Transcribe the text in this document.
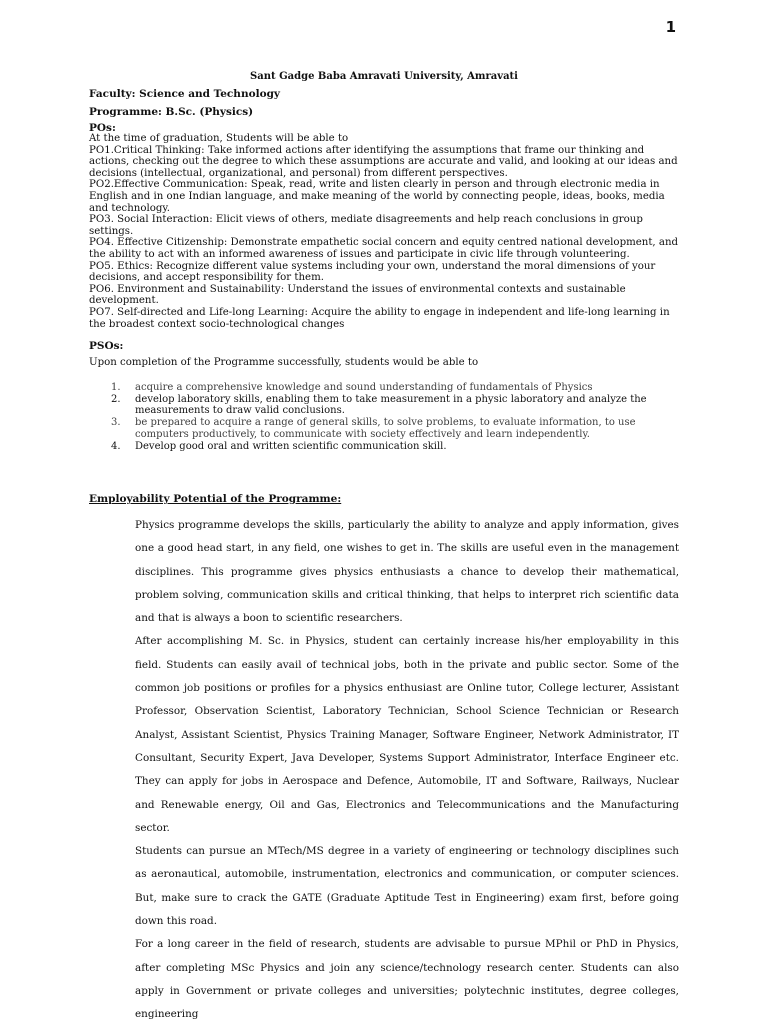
1
Sant Gadge Baba Amravati University, Amravati
Faculty: Science and Technology
Programme: B.Sc. (Physics)
POs:

At the time of graduation, Students will be able to

PO1.Critical Thinking: Take informed actions after identifying the assumptions that frame our thinking and actions, checking out the degree to which these assumptions are accurate and valid, and looking at our ideas and decisions (intellectual, organizational, and personal) from different perspectives.

PO2.Effective Communication: Speak, read, write and listen clearly in person and through electronic media in English and in one Indian language, and make meaning of the world by connecting people, ideas, books, media and technology.

PO3. Social Interaction: Elicit views of others, mediate disagreements and help reach conclusions in group settings.

PO4. Effective Citizenship: Demonstrate empathetic social concern and equity centred national development, and the ability to act with an informed awareness of issues and participate in civic life through volunteering.

PO5. Ethics: Recognize different value systems including your own, understand the moral dimensions of your decisions, and accept responsibility for them.

PO6. Environment and Sustainability: Understand the issues of environmental contexts and sustainable development.

PO7. Self-directed and Life-long Learning: Acquire the ability to engage in independent and life-long learning in the broadest context socio-technological changes

PSOs:
Upon completion of the Programme successfully, students would be able to
1. acquire a comprehensive knowledge and sound understanding of fundamentals of Physics
2. develop laboratory skills, enabling them to take measurement in a physic laboratory and analyze the measurements to draw valid conclusions.
3. be prepared to acquire a range of general skills, to solve problems, to evaluate information, to use computers productively, to communicate with society effectively and learn independently.
4. Develop good oral and written scientific communication skill.
Employability Potential of the Programme:

Physics programme develops the skills, particularly the ability to analyze and apply information, gives one a good head start, in any field, one wishes to get in. The skills are useful even in the management disciplines. This programme gives physics enthusiasts a chance to develop their mathematical, problem solving, communication skills and critical thinking, that helps to interpret rich scientific data and that is always a boon to scientific researchers.

After accomplishing M. Sc. in Physics, student can certainly increase his/her employability in this field. Students can easily avail of technical jobs, both in the private and public sector. Some of the common job positions or profiles for a physics enthusiast are Online tutor, College lecturer, Assistant Professor, Observation Scientist, Laboratory Technician, School Science Technician or Research Analyst, Assistant Scientist, Physics Training Manager, Software Engineer, Network Administrator, IT Consultant, Security Expert, Java Developer, Systems Support Administrator, Interface Engineer etc. They can apply for jobs in Aerospace and Defence, Automobile, IT and Software, Railways, Nuclear and Renewable energy, Oil and Gas, Electronics and Telecommunications and the Manufacturing sector.

Students can pursue an MTech/MS degree in a variety of engineering or technology disciplines such as aeronautical, automobile, instrumentation, electronics and communication, or computer sciences. But, make sure to crack the GATE (Graduate Aptitude Test in Engineering) exam first, before going down this road.

For a long career in the field of research, students are advisable to pursue MPhil or PhD in Physics, after completing MSc Physics and join any science/technology research center. Students can also apply in Government or private colleges and universities; polytechnic institutes, degree colleges, engineering
